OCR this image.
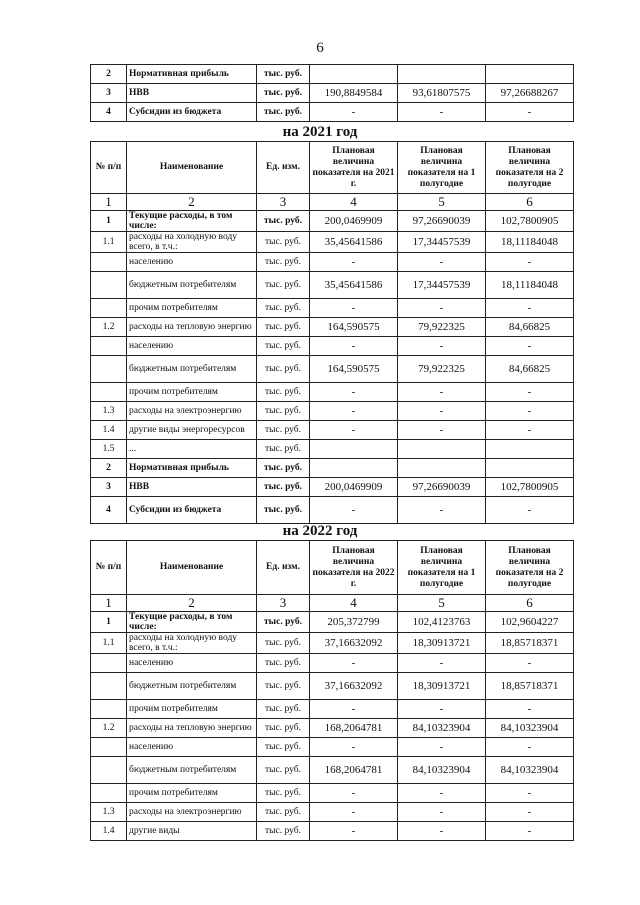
6
2	Нормативная прибыль	тыс. руб.			
3	НВВ	тыс. руб.	190,8849584	93,61807575	97,26688267
4	Субсидии из бюджета	тыс. руб.	-	-	-
на 2021 год
№ п/п	Наименование	Ед. изм.	Плановая величина показателя на 2021 г.	Плановая величина показателя на 1 полугодие	Плановая величина показателя на 2 полугодие
1	2	3	4	5	6
1	Текущие расходы, в том числе:	тыс. руб.	200,0469909	97,26690039	102,7800905
1.1	расходы на холодную воду всего, в т.ч.:	тыс. руб.	35,45641586	17,34457539	18,11184048
	населению	тыс. руб.	-	-	-
	бюджетным потребителям	тыс. руб.	35,45641586	17,34457539	18,11184048
	прочим потребителям	тыс. руб.	-	-	-
1.2	расходы на тепловую энергию	тыс. руб.	164,590575	79,922325	84,66825
	населению	тыс. руб.	-	-	-
	бюджетным потребителям	тыс. руб.	164,590575	79,922325	84,66825
	прочим потребителям	тыс. руб.	-	-	-
1.3	расходы на электроэнергию	тыс. руб.	-	-	-
1.4	другие виды энергоресурсов	тыс. руб.	-	-	-
1.5	...	тыс. руб.			
2	Нормативная прибыль	тыс. руб.			
3	НВВ	тыс. руб.	200,0469909	97,26690039	102,7800905
4	Субсидии из бюджета	тыс. руб.	-	-	-
на 2022 год
№ п/п	Наименование	Ед. изм.	Плановая величина показателя на 2022 г.	Плановая величина показателя на 1 полугодие	Плановая величина показателя на 2 полугодие
1	2	3	4	5	6
1	Текущие расходы, в том числе:	тыс. руб.	205,372799	102,4123763	102,9604227
1.1	расходы на холодную воду всего, в т.ч.:	тыс. руб.	37,16632092	18,30913721	18,85718371
	населению	тыс. руб.	-	-	-
	бюджетным потребителям	тыс. руб.	37,16632092	18,30913721	18,85718371
	прочим потребителям	тыс. руб.	-	-	-
1.2	расходы на тепловую энергию	тыс. руб.	168,2064781	84,10323904	84,10323904
	населению	тыс. руб.	-	-	-
	бюджетным потребителям	тыс. руб.	168,2064781	84,10323904	84,10323904
	прочим потребителям	тыс. руб.	-	-	-
1.3	расходы на электроэнергию	тыс. руб.	-	-	-
1.4	другие виды	тыс. руб.	-	-	-
